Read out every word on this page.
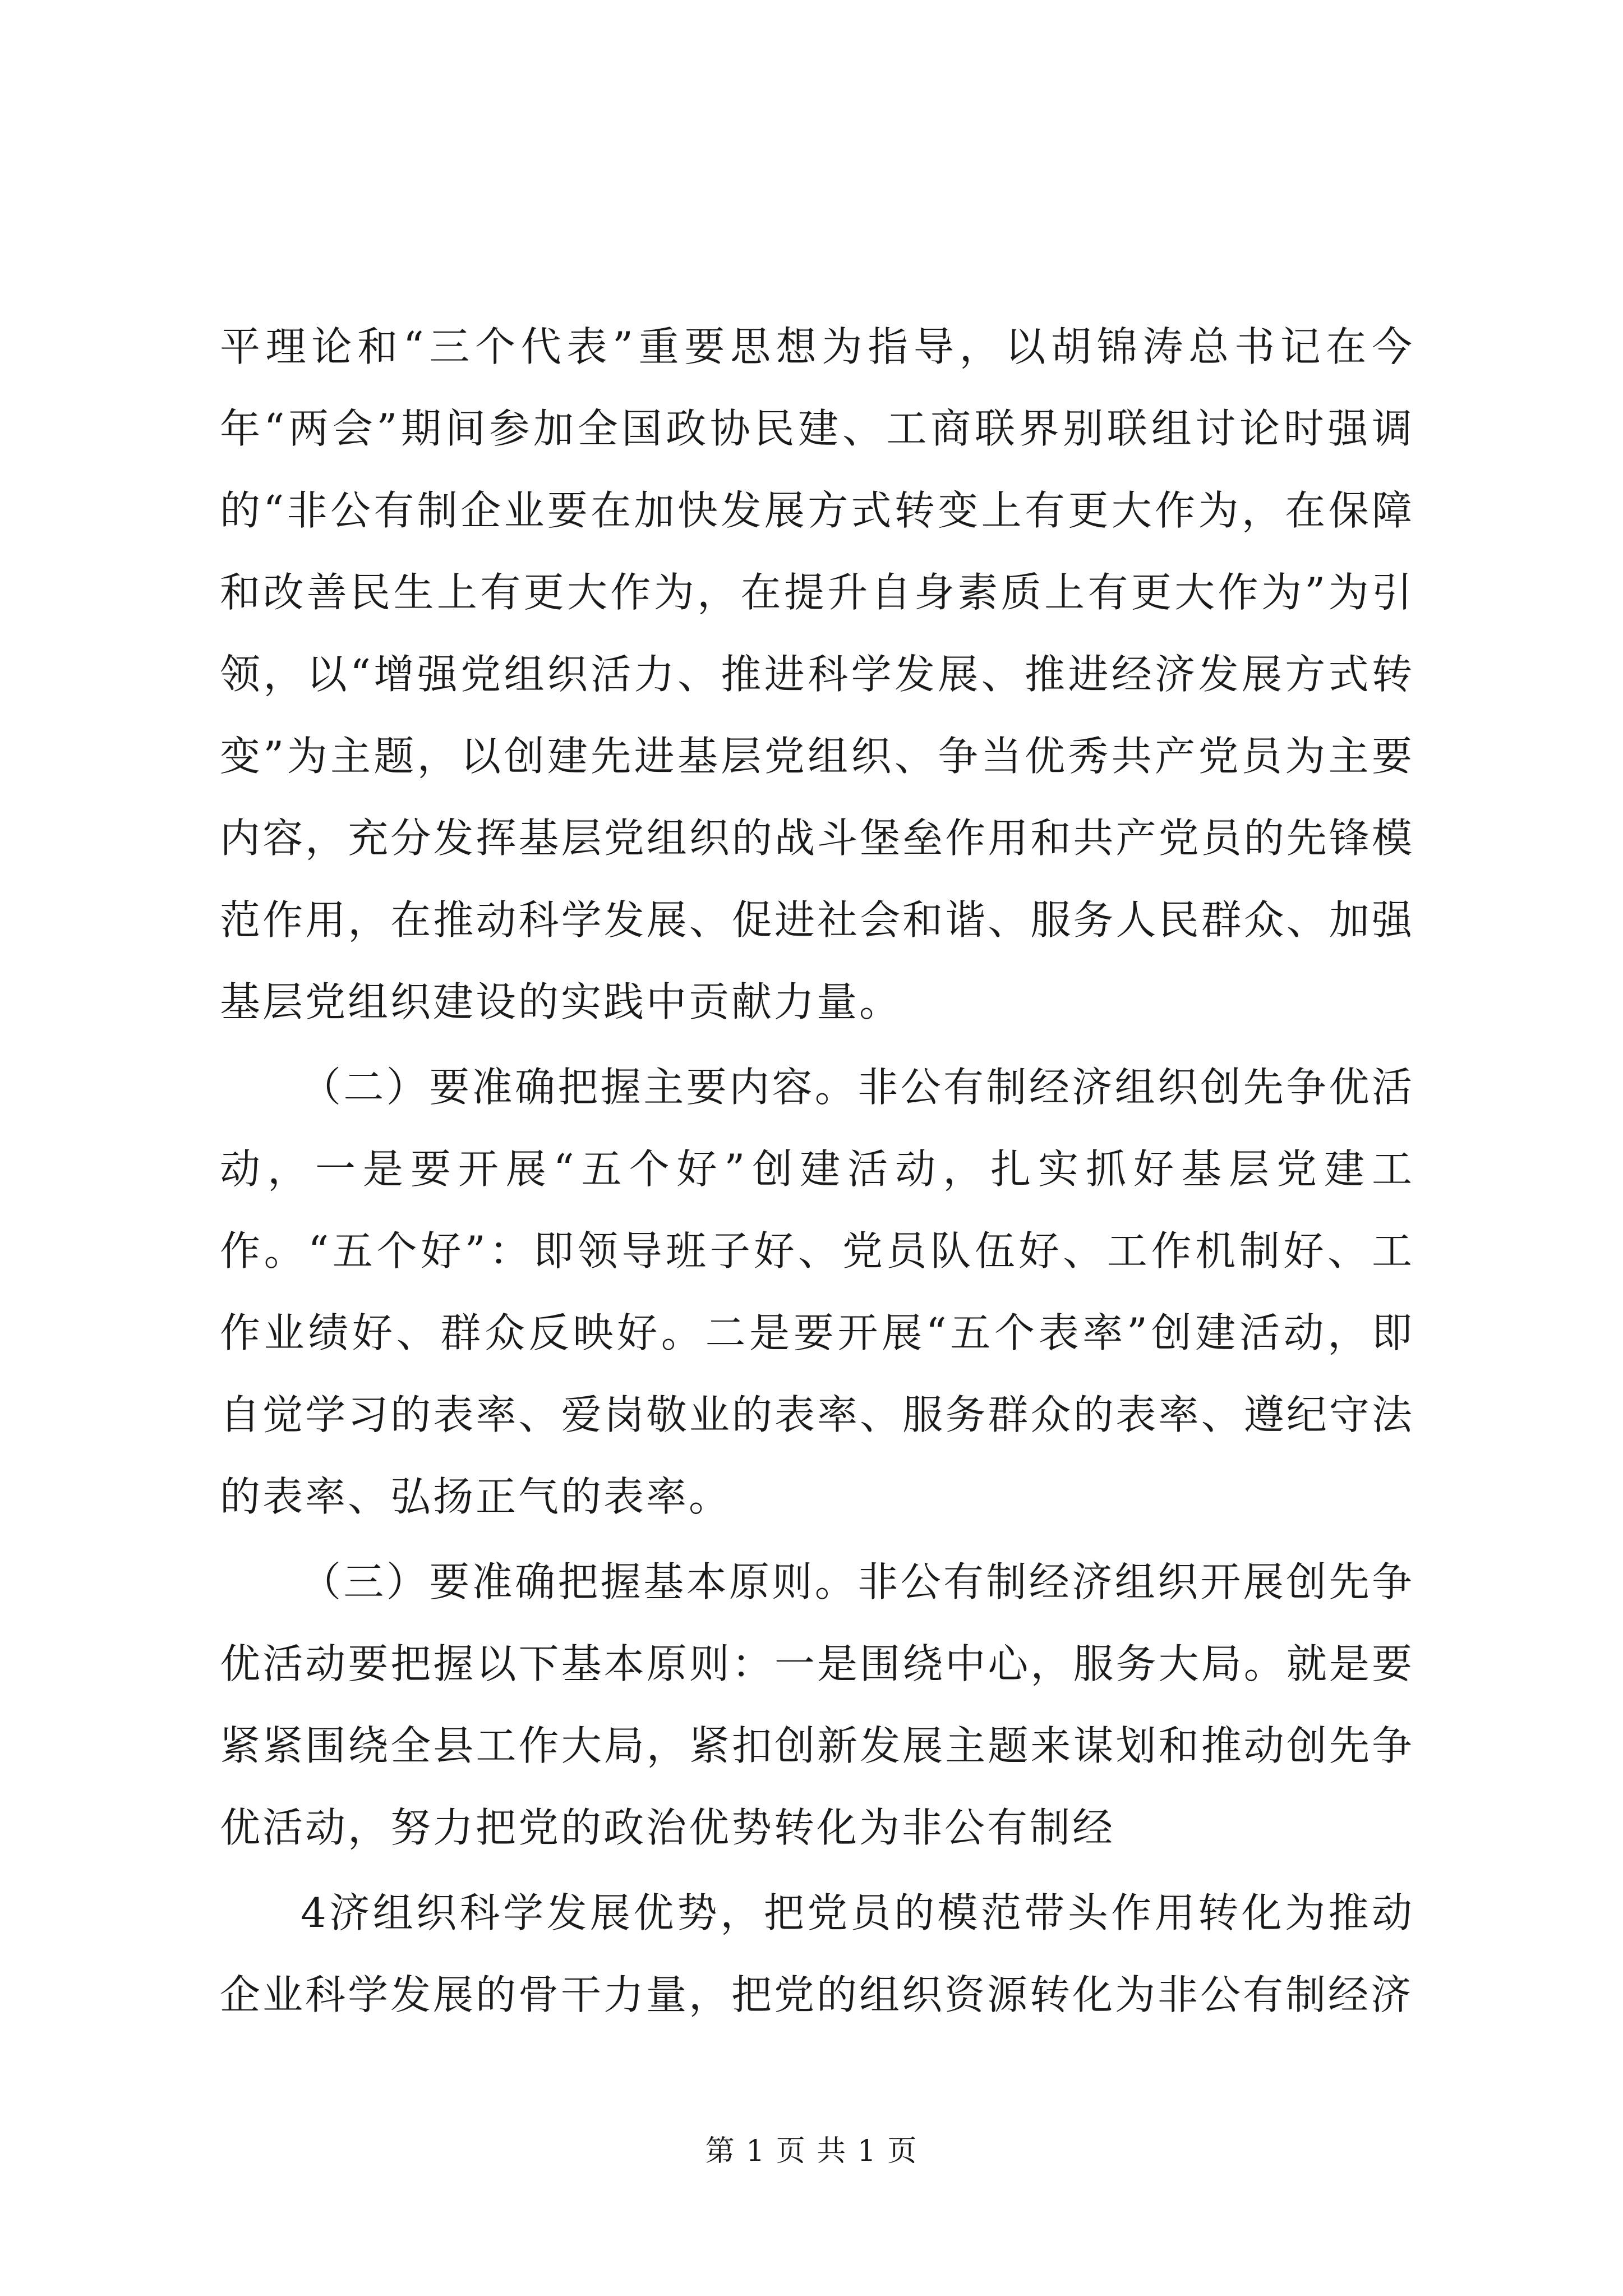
平理论和“三个代表”重要思想为指导，以胡锦涛总书记在今年“两会”期间参加全国政协民建、工商联界别联组讨论时强调的“非公有制企业要在加快发展方式转变上有更大作为，在保障和改善民生上有更大作为，在提升自身素质上有更大作为”为引领，以“增强党组织活力、推进科学发展、推进经济发展方式转变”为主题，以创建先进基层党组织、争当优秀共产党员为主要内容，充分发挥基层党组织的战斗堡垒作用和共产党员的先锋模范作用，在推动科学发展、促进社会和谐、服务人民群众、加强基层党组织建设的实践中贡献力量。

（二）要准确把握主要内容。非公有制经济组织创先争优活动，一是要开展“五个好”创建活动，扎实抓好基层党建工作。“五个好”：即领导班子好、党员队伍好、工作机制好、工作业绩好、群众反映好。二是要开展“五个表率”创建活动，即自觉学习的表率、爱岗敬业的表率、服务群众的表率、遵纪守法的表率、弘扬正气的表率。

（三）要准确把握基本原则。非公有制经济组织开展创先争优活动要把握以下基本原则：一是围绕中心，服务大局。就是要紧紧围绕全县工作大局，紧扣创新发展主题来谋划和推动创先争优活动，努力把党的政治优势转化为非公有制经

4济组织科学发展优势，把党员的模范带头作用转化为推动企业科学发展的骨干力量，把党的组织资源转化为非公有制经济

第 1 页 共 1 页
